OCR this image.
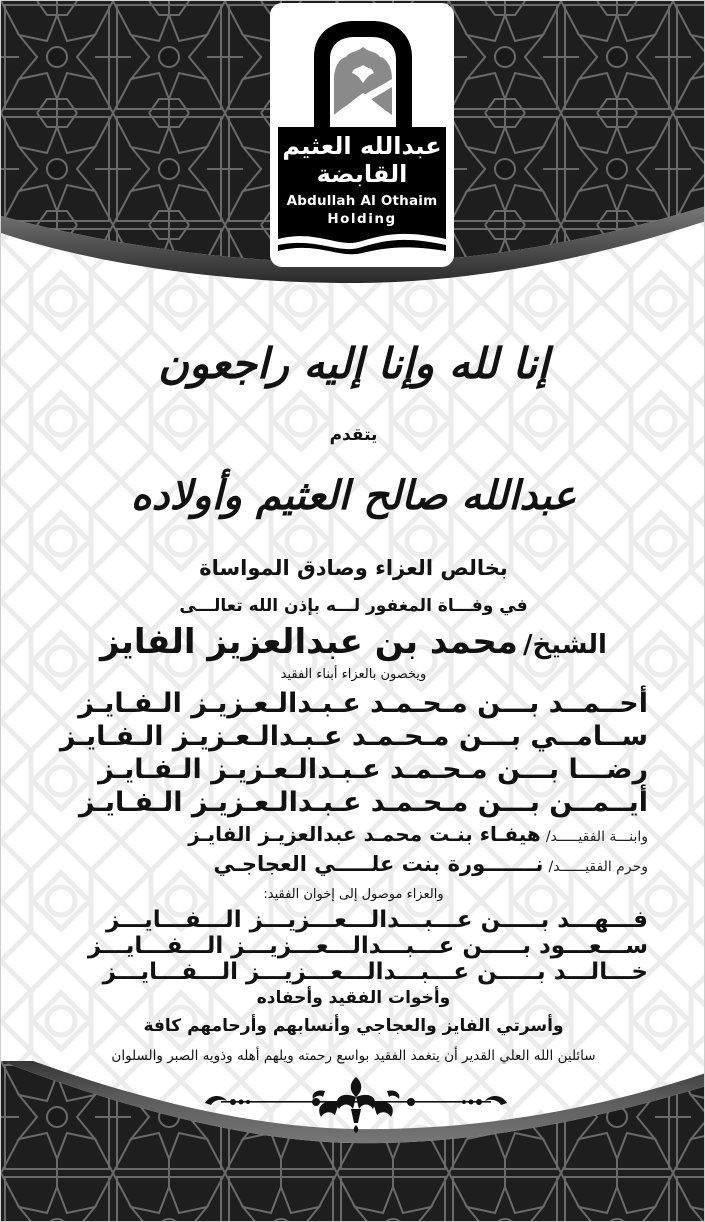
عبدالله العثيم
القابضة
Abdullah Al Othaim
Holding
إنا لله وإنا إليه راجعون
يتقدم
عبدالله صالح العثيم وأولاده
بخالص العزاء وصادق المواساة
في وفـــاة المغفور لـــه بإذن الله تعالـــى
الشيخ/ محمد بن عبدالعزيز الفايز
ويخصون بالعزاء أبناء الفقيد
أحــمــد بـــن مـحـمـد عـبـدالـعـزيـز الـفـايـز
ســامــي بـــن مـحـمـد عـبـدالـعـزيـز الـفـايـز
رضـــا بـــن مـحـمـد عـبـدالـعـزيـز الـفـايـز
أيــمــن بـــن مـحـمـد عـبـدالـعـزيـز الـفـايـز
وابنـــة الفقيـــــد/ هيفـاء بنـت محمـد عبدالعزيـز الفايـز
وحرم الفقيــــــد/ نـــــــورة بنت علـــــي العجاجـي
والعزاء موصول إلى إخوان الفقيد:
فـــهـــد بـــــن عـــبـــدالـــعـــزيـــز الـــفـــايـــز
ســـعـــود بـــــن عـــبـــدالـــعـــزيـــز الـــفـــايـــز
خـــالـــد بـــــن عـــبـــدالـــعـــزيـــز الـــفـــايـــز
وأخوات الفقيد وأحفاده
وأسرتي الفايز والعجاجي وأنسابهم وأرحامهم كافة
سائلين الله العلي القدير أن يتغمد الفقيد بواسع رحمته ويلهم أهله وذويه الصبر والسلوان
